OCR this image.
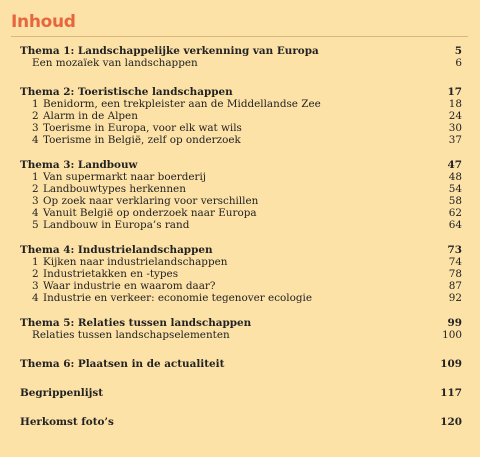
Inhoud
Thema 1: Landschappelijke verkenning van Europa	5
Een mozaïek van landschappen	6
Thema 2: Toeristische landschappen	17
1 Benidorm, een trekpleister aan de Middellandse Zee	18
2 Alarm in de Alpen	24
3 Toerisme in Europa, voor elk wat wils	30
4 Toerisme in België, zelf op onderzoek	37
Thema 3: Landbouw	47
1 Van supermarkt naar boerderij	48
2 Landbouwtypes herkennen	54
3 Op zoek naar verklaring voor verschillen	58
4 Vanuit België op onderzoek naar Europa	62
5 Landbouw in Europa’s rand	64
Thema 4: Industrielandschappen	73
1 Kijken naar industrielandschappen	74
2 Industrietakken en -types	78
3 Waar industrie en waarom daar?	87
4 Industrie en verkeer: economie tegenover ecologie	92
Thema 5: Relaties tussen landschappen	99
Relaties tussen landschapselementen	100
Thema 6: Plaatsen in de actualiteit	109
Begrippenlijst	117
Herkomst foto’s	120
